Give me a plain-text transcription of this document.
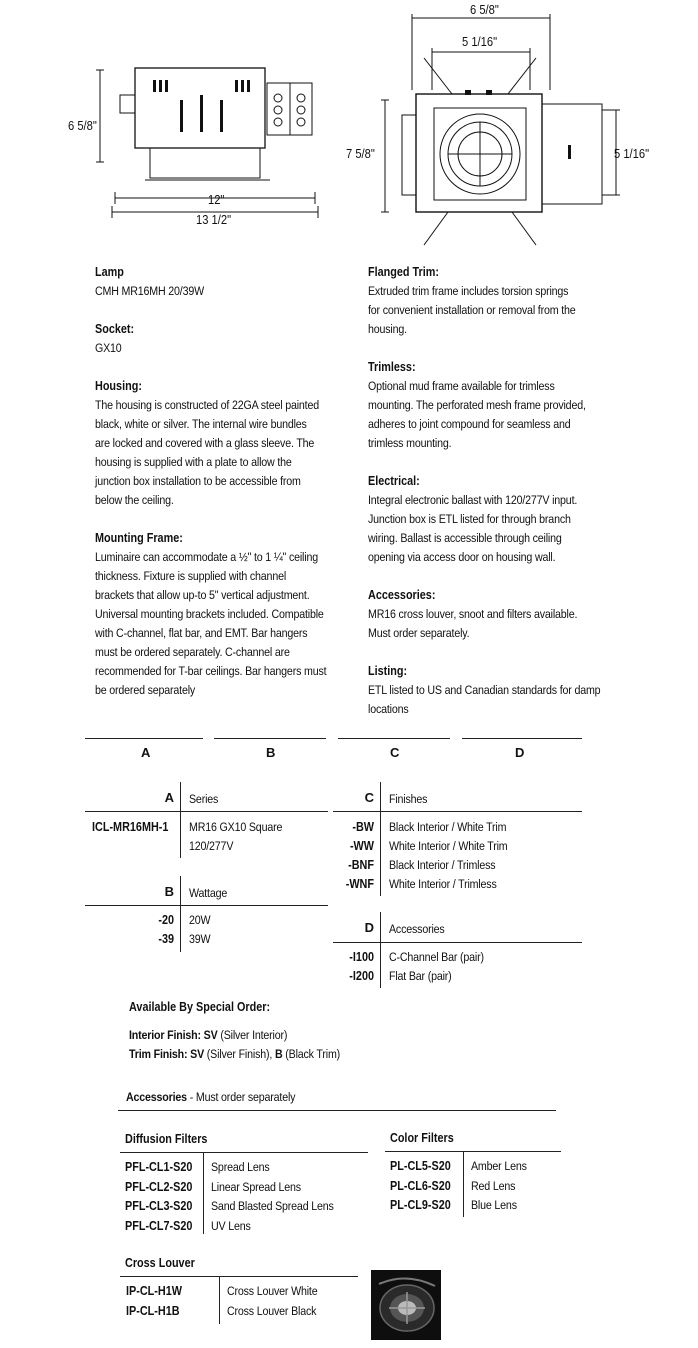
6 5/8"
12"
13 1/2"
6 5/8"
5 1/16"
7 5/8"	5 1/16"
Lamp
CMH MR16MH 20/39W
Socket:
GX10
Housing:
The housing is constructed of 22GA steel painted
black, white or silver. The internal wire bundles
are locked and covered with a glass sleeve. The
housing is supplied with a plate to allow the
junction box installation to be accessible from
below the ceiling.
Mounting Frame:
Luminaire can accommodate a ½" to 1 ¼" ceiling
thickness. Fixture is supplied with channel
brackets that allow up-to 5" vertical adjustment.
Universal mounting brackets included. Compatible
with C-channel, flat bar, and EMT. Bar hangers
must be ordered separately. C-channel are
recommended for T-bar ceilings. Bar hangers must
be ordered separately
Flanged Trim:
Extruded trim frame includes torsion springs
for convenient installation or removal from the
housing.
Trimless:
Optional mud frame available for trimless
mounting. The perforated mesh frame provided,
adheres to joint compound for seamless and
trimless mounting.
Electrical:
Integral electronic ballast with 120/277V input.
Junction box is ETL listed for through branch
wiring. Ballast is accessible through ceiling
opening via access door on housing wall.
Accessories:
MR16 cross louver, snoot and filters available.
Must order separately.
Listing:
ETL listed to US and Canadian standards for damp
locations
A	B	C	D
A Series
ICL-MR16MH-1 MR16 GX10 Square
120/277V
B Wattage
-20 20W
-39 39W
C Finishes
-BW Black Interior / White Trim
-WW White Interior / White Trim
-BNF Black Interior / Trimless
-WNF White Interior / Trimless
D Accessories
-I100 C-Channel Bar (pair)
-I200 Flat Bar (pair)
Available By Special Order:
Interior Finish: SV (Silver Interior)
Trim Finish: SV (Silver Finish), B (Black Trim)
Accessories - Must order separately
Diffusion Filters
PFL-CL1-S20 Spread Lens
PFL-CL2-S20 Linear Spread Lens
PFL-CL3-S20 Sand Blasted Spread Lens
PFL-CL7-S20 UV Lens
Color Filters
PL-CL5-S20 Amber Lens
PL-CL6-S20 Red Lens
PL-CL9-S20 Blue Lens
Cross Louver
IP-CL-H1W	Cross Louver White
IP-CL-H1B	Cross Louver Black
